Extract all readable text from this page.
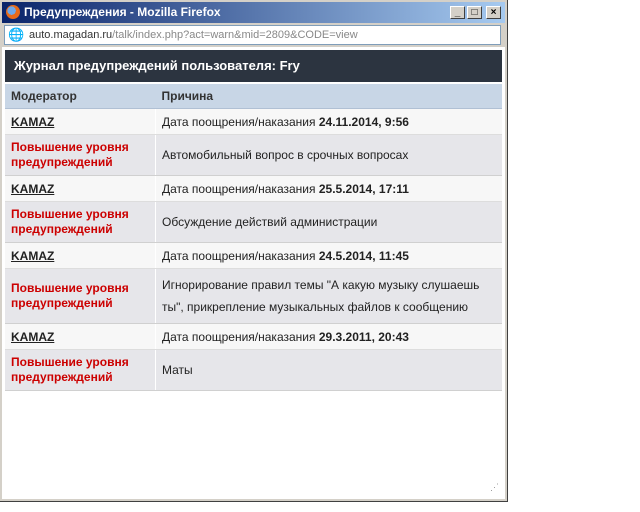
Предупреждения - Mozilla Firefox	_	□	×
🌐 auto.magadan.ru/talk/index.php?act=warn&mid=2809&CODE=view
Журнал предупреждений пользователя: Fry
Модератор	Причина
KAMAZ	Дата поощрения/наказания 24.11.2014, 9:56
Повышение уровня предупреждений	Автомобильный вопрос в срочных вопросах
KAMAZ	Дата поощрения/наказания 25.5.2014, 17:11
Повышение уровня предупреждений	Обсуждение действий администрации
KAMAZ	Дата поощрения/наказания 24.5.2014, 11:45
Повышение уровня предупреждений	Игнорирование правил темы "А какую музыку слушаешь ты", прикрепление музыкальных файлов к сообщению
KAMAZ	Дата поощрения/наказания 29.3.2011, 20:43
Повышение уровня предупреждений	Маты
⋰
